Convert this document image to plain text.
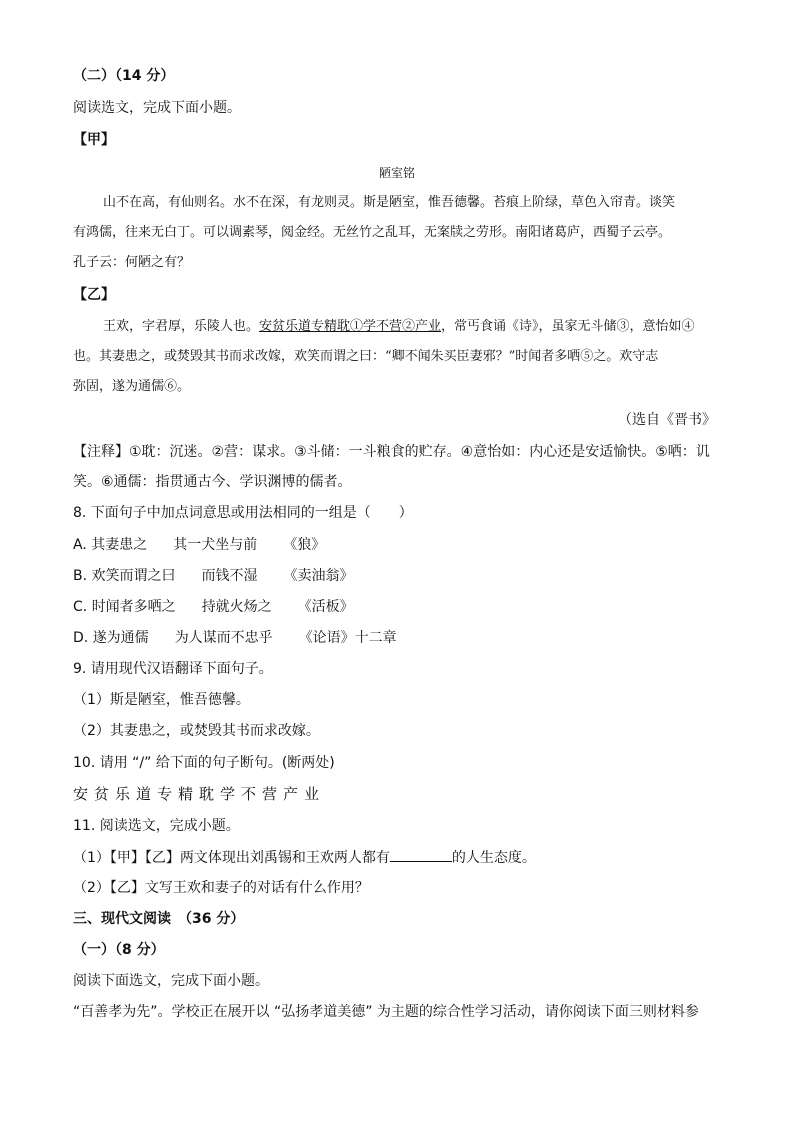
（二）（14 分）
阅读选文，完成下面小题。
【甲】
陋室铭
山不在高，有仙则名。水不在深，有龙则灵。斯是陋室，惟吾德馨。苔痕上阶绿，草色入帘青。谈笑
有鸿儒，往来无白丁。可以调素琴，阅金经。无丝竹之乱耳，无案牍之劳形。南阳诸葛庐，西蜀子云亭。
孔子云：何陋之有？
【乙】
王欢，字君厚，乐陵人也。安贫乐道专精耽①学不营②产业，常丐食诵《诗》，虽家无斗储③，意怡如④
也。其妻患之，或焚毁其书而求改嫁，欢笑而谓之曰：“卿不闻朱买臣妻邪？”时闻者多哂⑤之。欢守志
弥固，遂为通儒⑥。
（选自《晋书》
【注释】①耽：沉迷。②营：谋求。③斗储：一斗粮食的贮存。④意怡如：内心还是安适愉快。⑤哂：讥
笑。⑥通儒：指贯通古今、学识渊博的儒者。
8. 下面句子中加点词意思或用法相同的一组是（　　）
A. 其妻患之 其一犬坐与前 《狼》
B. 欢笑而谓之曰 而钱不湿 《卖油翁》
C. 时闻者多哂之 持就火炀之 《活板》
D. 遂为通儒 为人谋而不忠乎 《论语》十二章
9. 请用现代汉语翻译下面句子。
（1）斯是陋室，惟吾德馨。
（2）其妻患之，或焚毁其书而求改嫁。
10. 请用 “/” 给下面的句子断句。(断两处)
安贫乐道专精耽学不营产业
11. 阅读选文，完成小题。
（1）【甲】【乙】两文体现出刘禹锡和王欢两人都有	的人生态度。
（2）【乙】文写王欢和妻子的对话有什么作用？
三、现代文阅读　（36 分）
（一）（8 分）
阅读下面选文，完成下面小题。
“百善孝为先”。学校正在展开以 “弘扬孝道美德” 为主题的综合性学习活动，请你阅读下面三则材料参
